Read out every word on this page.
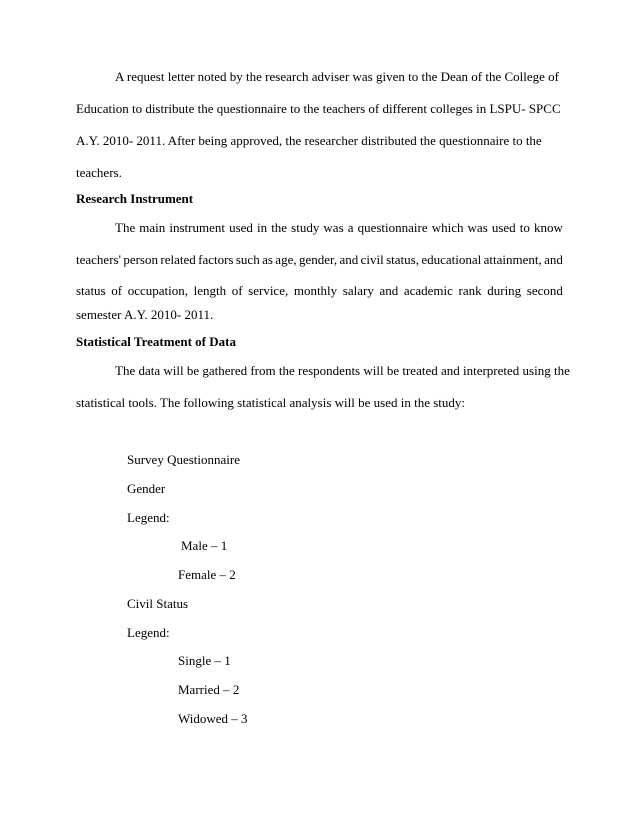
A request letter noted by the research adviser was given to the Dean of the College of

Education to distribute the questionnaire to the teachers of different colleges in LSPU- SPCC

A.Y. 2010- 2011. After being approved, the researcher distributed the questionnaire to the

teachers.

Research Instrument

The main instrument used in the study was a questionnaire which was used to know
teachers' person related factors such as age, gender, and civil status, educational attainment, and
status of occupation, length of service, monthly salary and academic rank during second

semester A.Y. 2010- 2011.

Statistical Treatment of Data

The data will be gathered from the respondents will be treated and interpreted using the

statistical tools. The following statistical analysis will be used in the study:

Survey Questionnaire

Gender

Legend:

Male – 1

Female – 2

Civil Status

Legend:

Single – 1

Married – 2

Widowed – 3
